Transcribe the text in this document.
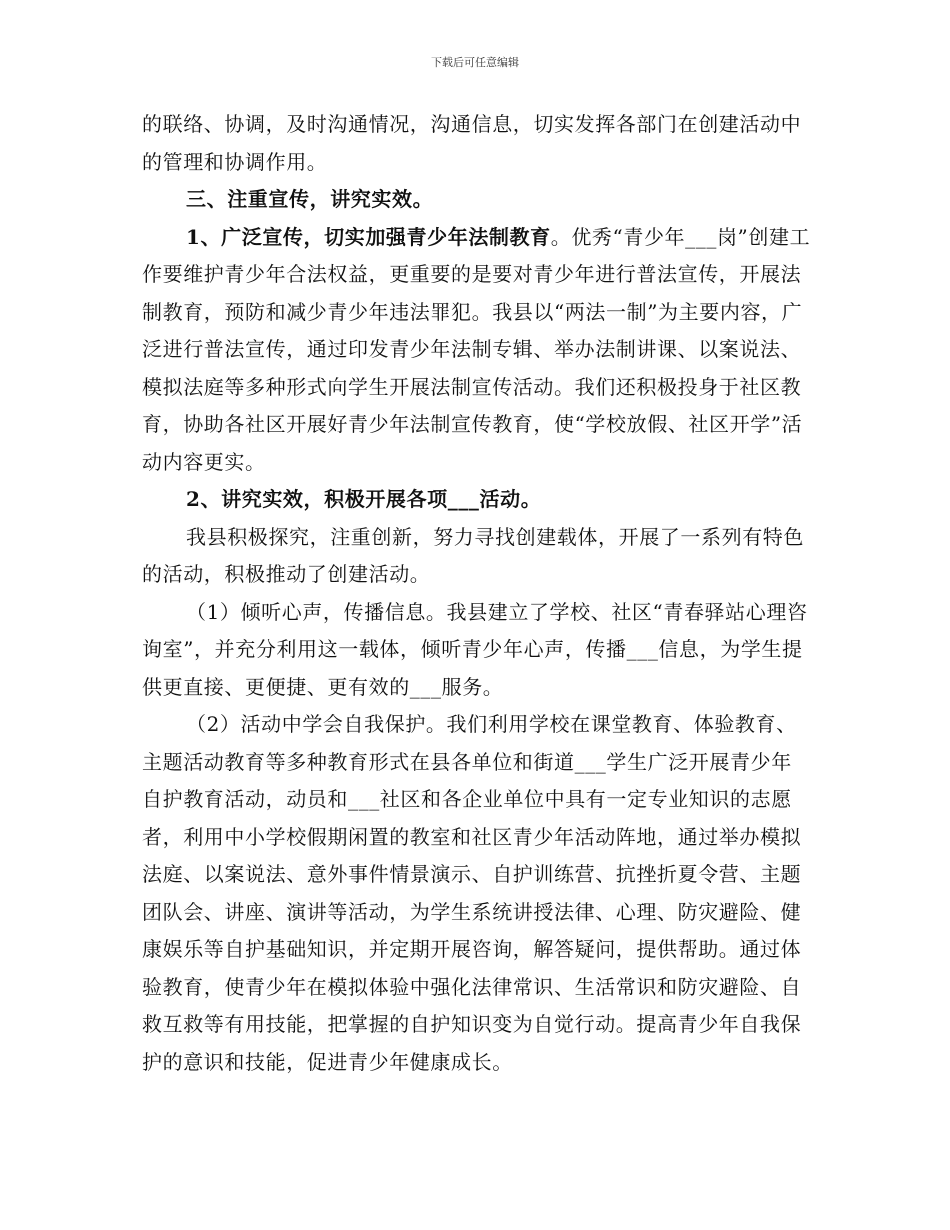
下载后可任意编辑

的联络、协调，及时沟通情况，沟通信息，切实发挥各部门在创建活动中的管理和协调作用。

三、注重宣传，讲究实效。

1、广泛宣传，切实加强青少年法制教育。优秀“青少年___岗”创建工作要维护青少年合法权益，更重要的是要对青少年进行普法宣传，开展法制教育，预防和减少青少年违法罪犯。我县以“两法一制”为主要内容，广泛进行普法宣传，通过印发青少年法制专辑、举办法制讲课、以案说法、模拟法庭等多种形式向学生开展法制宣传活动。我们还积极投身于社区教育，协助各社区开展好青少年法制宣传教育，使“学校放假、社区开学”活动内容更实。

2、讲究实效，积极开展各项___活动。

我县积极探究，注重创新，努力寻找创建载体，开展了一系列有特色的活动，积极推动了创建活动。

（1）倾听心声，传播信息。我县建立了学校、社区“青春驿站心理咨询室”，并充分利用这一载体，倾听青少年心声，传播___信息，为学生提供更直接、更便捷、更有效的___服务。

（2）活动中学会自我保护。我们利用学校在课堂教育、体验教育、主题活动教育等多种教育形式在县各单位和街道___学生广泛开展青少年自护教育活动，动员和___社区和各企业单位中具有一定专业知识的志愿者，利用中小学校假期闲置的教室和社区青少年活动阵地，通过举办模拟法庭、以案说法、意外事件情景演示、自护训练营、抗挫折夏令营、主题团队会、讲座、演讲等活动，为学生系统讲授法律、心理、防灾避险、健康娱乐等自护基础知识，并定期开展咨询，解答疑问，提供帮助。通过体验教育，使青少年在模拟体验中强化法律常识、生活常识和防灾避险、自救互救等有用技能，把掌握的自护知识变为自觉行动。提高青少年自我保护的意识和技能，促进青少年健康成长。
